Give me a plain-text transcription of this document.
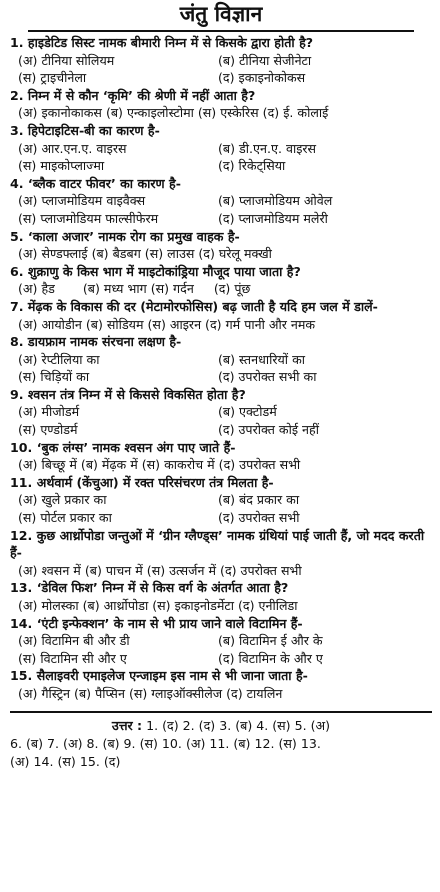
जंतु विज्ञान
1. हाइडेटिड सिस्ट नामक बीमारी निम्न में से किसके द्वारा होती है?
(अ) टीनिया सोलियम	(ब) टीनिया सेजीनेटा
(स) ट्राइचीनेला	(द) इकाइनोकोकस
2. निम्न में से कौन ‘कृमि’ की श्रेणी में नहीं आता है?
(अ) इकानोकाकस (ब) एन्काइलोस्टोमा (स) एस्केरिस (द) ई. कोलाई
3. हिपेटाइटिस-बी का कारण है-
(अ) आर.एन.ए. वाइरस	(ब) डी.एन.ए. वाइरस
(स) माइकोप्लाज्मा	(द) रिकेट्सिया
4. ‘ब्लैक वाटर फीवर’ का कारण है-
(अ) प्लाजमोडियम वाइवैक्स	(ब) प्लाजमोडियम ओवेल
(स) प्लाजमोडियम फाल्सीफेरम	(द) प्लाजमोडियम मलेरी
5. ‘काला अजार’ नामक रोग का प्रमुख वाहक है-
(अ) सेण्डफ्लाई (ब) बैडबग (स) लाउस (द) घरेलू मक्खी
6. शुक्राणु के किस भाग में माइटोकांड्रिया मौजूद पाया जाता है?
(अ) हैड       (ब) मध्य भाग (स) गर्दन     (द) पूंछ
7. मेंढ़क के विकास की दर (मेटामोरफोसिस) बढ़ जाती है यदि हम जल में डालें-
(अ) आयोडीन (ब) सोडियम (स) आइरन (द) गर्म पानी और नमक
8. डायफ्राम नामक संरचना लक्षण है-
(अ) रेप्टीलिया का	(ब) स्तनधारियों का
(स) चिड़ियों का	(द) उपरोक्त सभी का
9. श्वसन तंत्र निम्न में से किससे विकसित होता है?
(अ) मीजोडर्म	(ब) एक्टोडर्म
(स) एण्डोडर्म	(द) उपरोक्त कोई नहीं
10. ‘बुक लंग्स’ नामक श्वसन अंग पाए जाते हैं-
(अ) बिच्छू में (ब) मेंढ़क में (स) काकरोच में (द) उपरोक्त सभी
11. अर्थवार्म (केंचुआ) में रक्त परिसंचरण तंत्र मिलता है-
(अ) खुले प्रकार का	(ब) बंद प्रकार का
(स) पोर्टल प्रकार का	(द) उपरोक्त सभी
12. कुछ आर्थ्रोपोडा जन्तुओं में ‘ग्रीन ग्लैण्ड्स’ नामक ग्रंथियां पाई जाती हैं, जो मदद करती हैं-
(अ) श्वसन में (ब) पाचन में (स) उत्सर्जन में (द) उपरोक्त सभी
13. ‘डेविल फिश’ निम्न में से किस वर्ग के अंतर्गत आता है?
(अ) मोलस्का (ब) आर्थ्रोपोडा (स) इकाइनोडर्मेटा (द) एनीलिडा
14. ‘एंटी इन्फेक्शन’ के नाम से भी प्राय जाने वाले विटामिन हैं-
(अ) विटामिन बी और डी	(ब) विटामिन ई और के
(स) विटामिन सी और ए	(द) विटामिन के और ए
15. सैलाइवरी एमाइलेज एन्जाइम इस नाम से भी जाना जाता है-
(अ) गैस्ट्रिन (ब) पैप्सिन (स) ग्लाइऑक्सीलेज (द) टायलिन
उत्तर : 1. (द) 2. (द) 3. (ब) 4. (स) 5. (अ)
6. (ब) 7. (अ) 8. (ब) 9. (स) 10. (अ) 11. (ब) 12. (स) 13.
(अ) 14. (स) 15. (द)
